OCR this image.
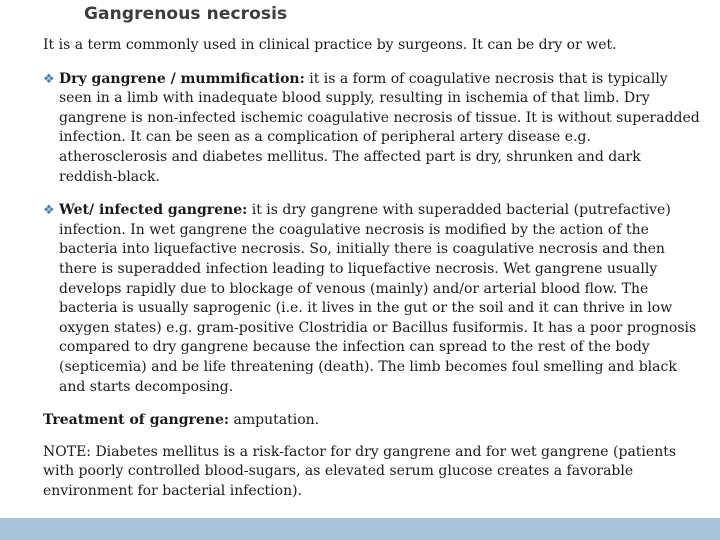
Gangrenous necrosis

It is a term commonly used in clinical practice by surgeons. It can be dry or wet.

❖ Dry gangrene / mummification: it is a form of coagulative necrosis that is typically seen in a limb with inadequate blood supply, resulting in ischemia of that limb. Dry gangrene is non-infected ischemic coagulative necrosis of tissue. It is without superadded infection. It can be seen as a complication of peripheral artery disease e.g. atherosclerosis and diabetes mellitus. The affected part is dry, shrunken and dark reddish-black.
❖ Wet/ infected gangrene: it is dry gangrene with superadded bacterial (putrefactive) infection. In wet gangrene the coagulative necrosis is modified by the action of the bacteria into liquefactive necrosis. So, initially there is coagulative necrosis and then there is superadded infection leading to liquefactive necrosis. Wet gangrene usually develops rapidly due to blockage of venous (mainly) and/or arterial blood flow. The bacteria is usually saprogenic (i.e. it lives in the gut or the soil and it can thrive in low oxygen states) e.g. gram-positive Clostridia or Bacillus fusiformis. It has a poor prognosis compared to dry gangrene because the infection can spread to the rest of the body (septicemia) and be life threatening (death). The limb becomes foul smelling and black and starts decomposing.

Treatment of gangrene: amputation.

NOTE: Diabetes mellitus is a risk-factor for dry gangrene and for wet gangrene (patients with poorly controlled blood-sugars, as elevated serum glucose creates a favorable environment for bacterial infection).
